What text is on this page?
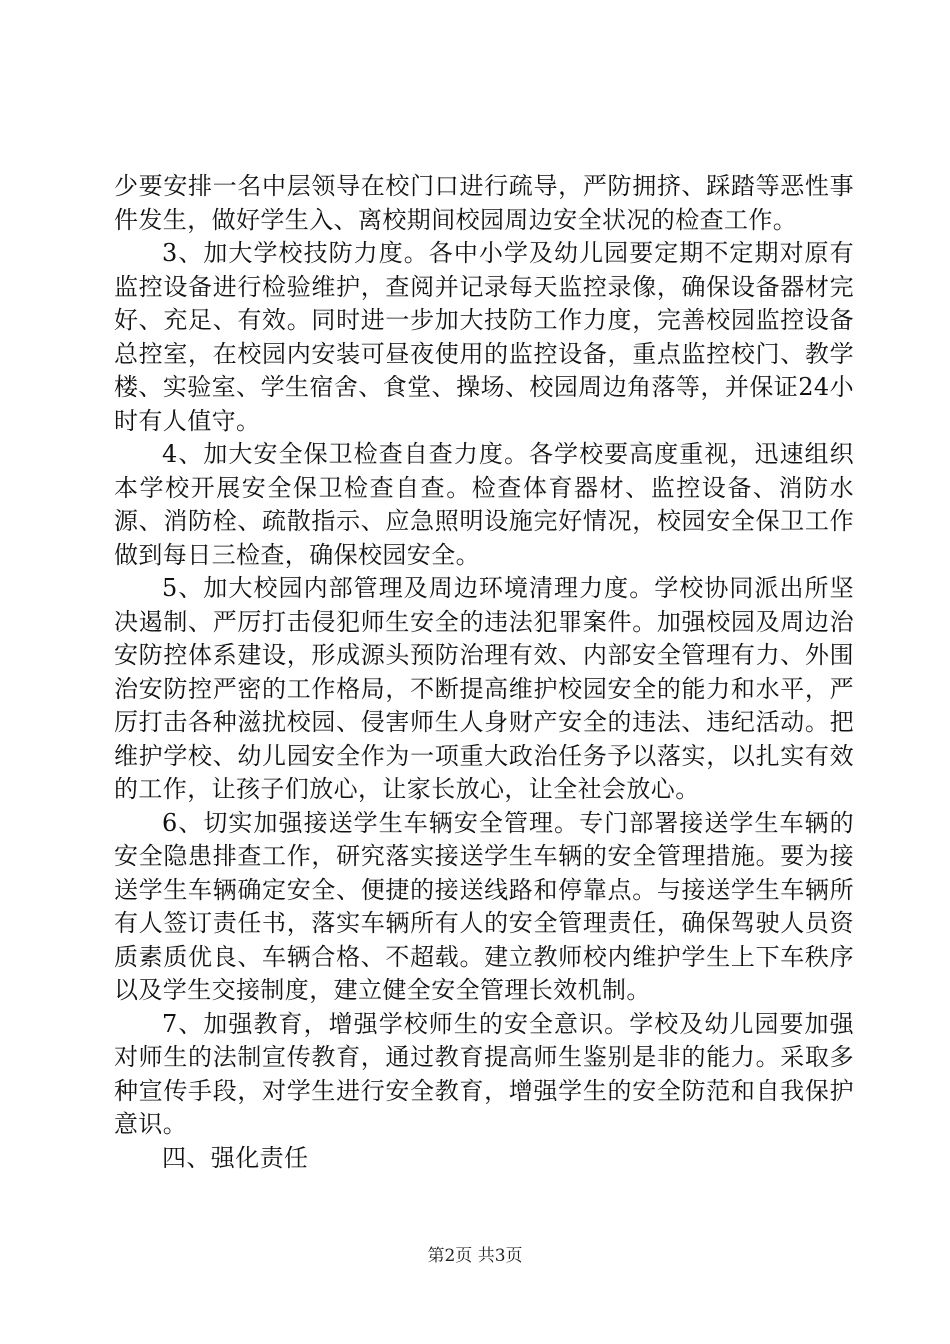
少要安排一名中层领导在校门口进行疏导，严防拥挤、踩踏等恶性事件发生，做好学生入、离校期间校园周边安全状况的检查工作。

3、加大学校技防力度。各中小学及幼儿园要定期不定期对原有监控设备进行检验维护，查阅并记录每天监控录像，确保设备器材完好、充足、有效。同时进一步加大技防工作力度，完善校园监控设备总控室，在校园内安装可昼夜使用的监控设备，重点监控校门、教学楼、实验室、学生宿舍、食堂、操场、校园周边角落等，并保证24小时有人值守。

4、加大安全保卫检查自查力度。各学校要高度重视，迅速组织本学校开展安全保卫检查自查。检查体育器材、监控设备、消防水源、消防栓、疏散指示、应急照明设施完好情况，校园安全保卫工作做到每日三检查，确保校园安全。

5、加大校园内部管理及周边环境清理力度。学校协同派出所坚决遏制、严厉打击侵犯师生安全的违法犯罪案件。加强校园及周边治安防控体系建设，形成源头预防治理有效、内部安全管理有力、外围治安防控严密的工作格局，不断提高维护校园安全的能力和水平，严厉打击各种滋扰校园、侵害师生人身财产安全的违法、违纪活动。把维护学校、幼儿园安全作为一项重大政治任务予以落实，以扎实有效的工作，让孩子们放心，让家长放心，让全社会放心。

6、切实加强接送学生车辆安全管理。专门部署接送学生车辆的安全隐患排查工作，研究落实接送学生车辆的安全管理措施。要为接送学生车辆确定安全、便捷的接送线路和停靠点。与接送学生车辆所有人签订责任书，落实车辆所有人的安全管理责任，确保驾驶人员资质素质优良、车辆合格、不超载。建立教师校内维护学生上下车秩序以及学生交接制度，建立健全安全管理长效机制。

7、加强教育，增强学校师生的安全意识。学校及幼儿园要加强对师生的法制宣传教育，通过教育提高师生鉴别是非的能力。采取多种宣传手段，对学生进行安全教育，增强学生的安全防范和自我保护意识。

四、强化责任

第2页 共3页
